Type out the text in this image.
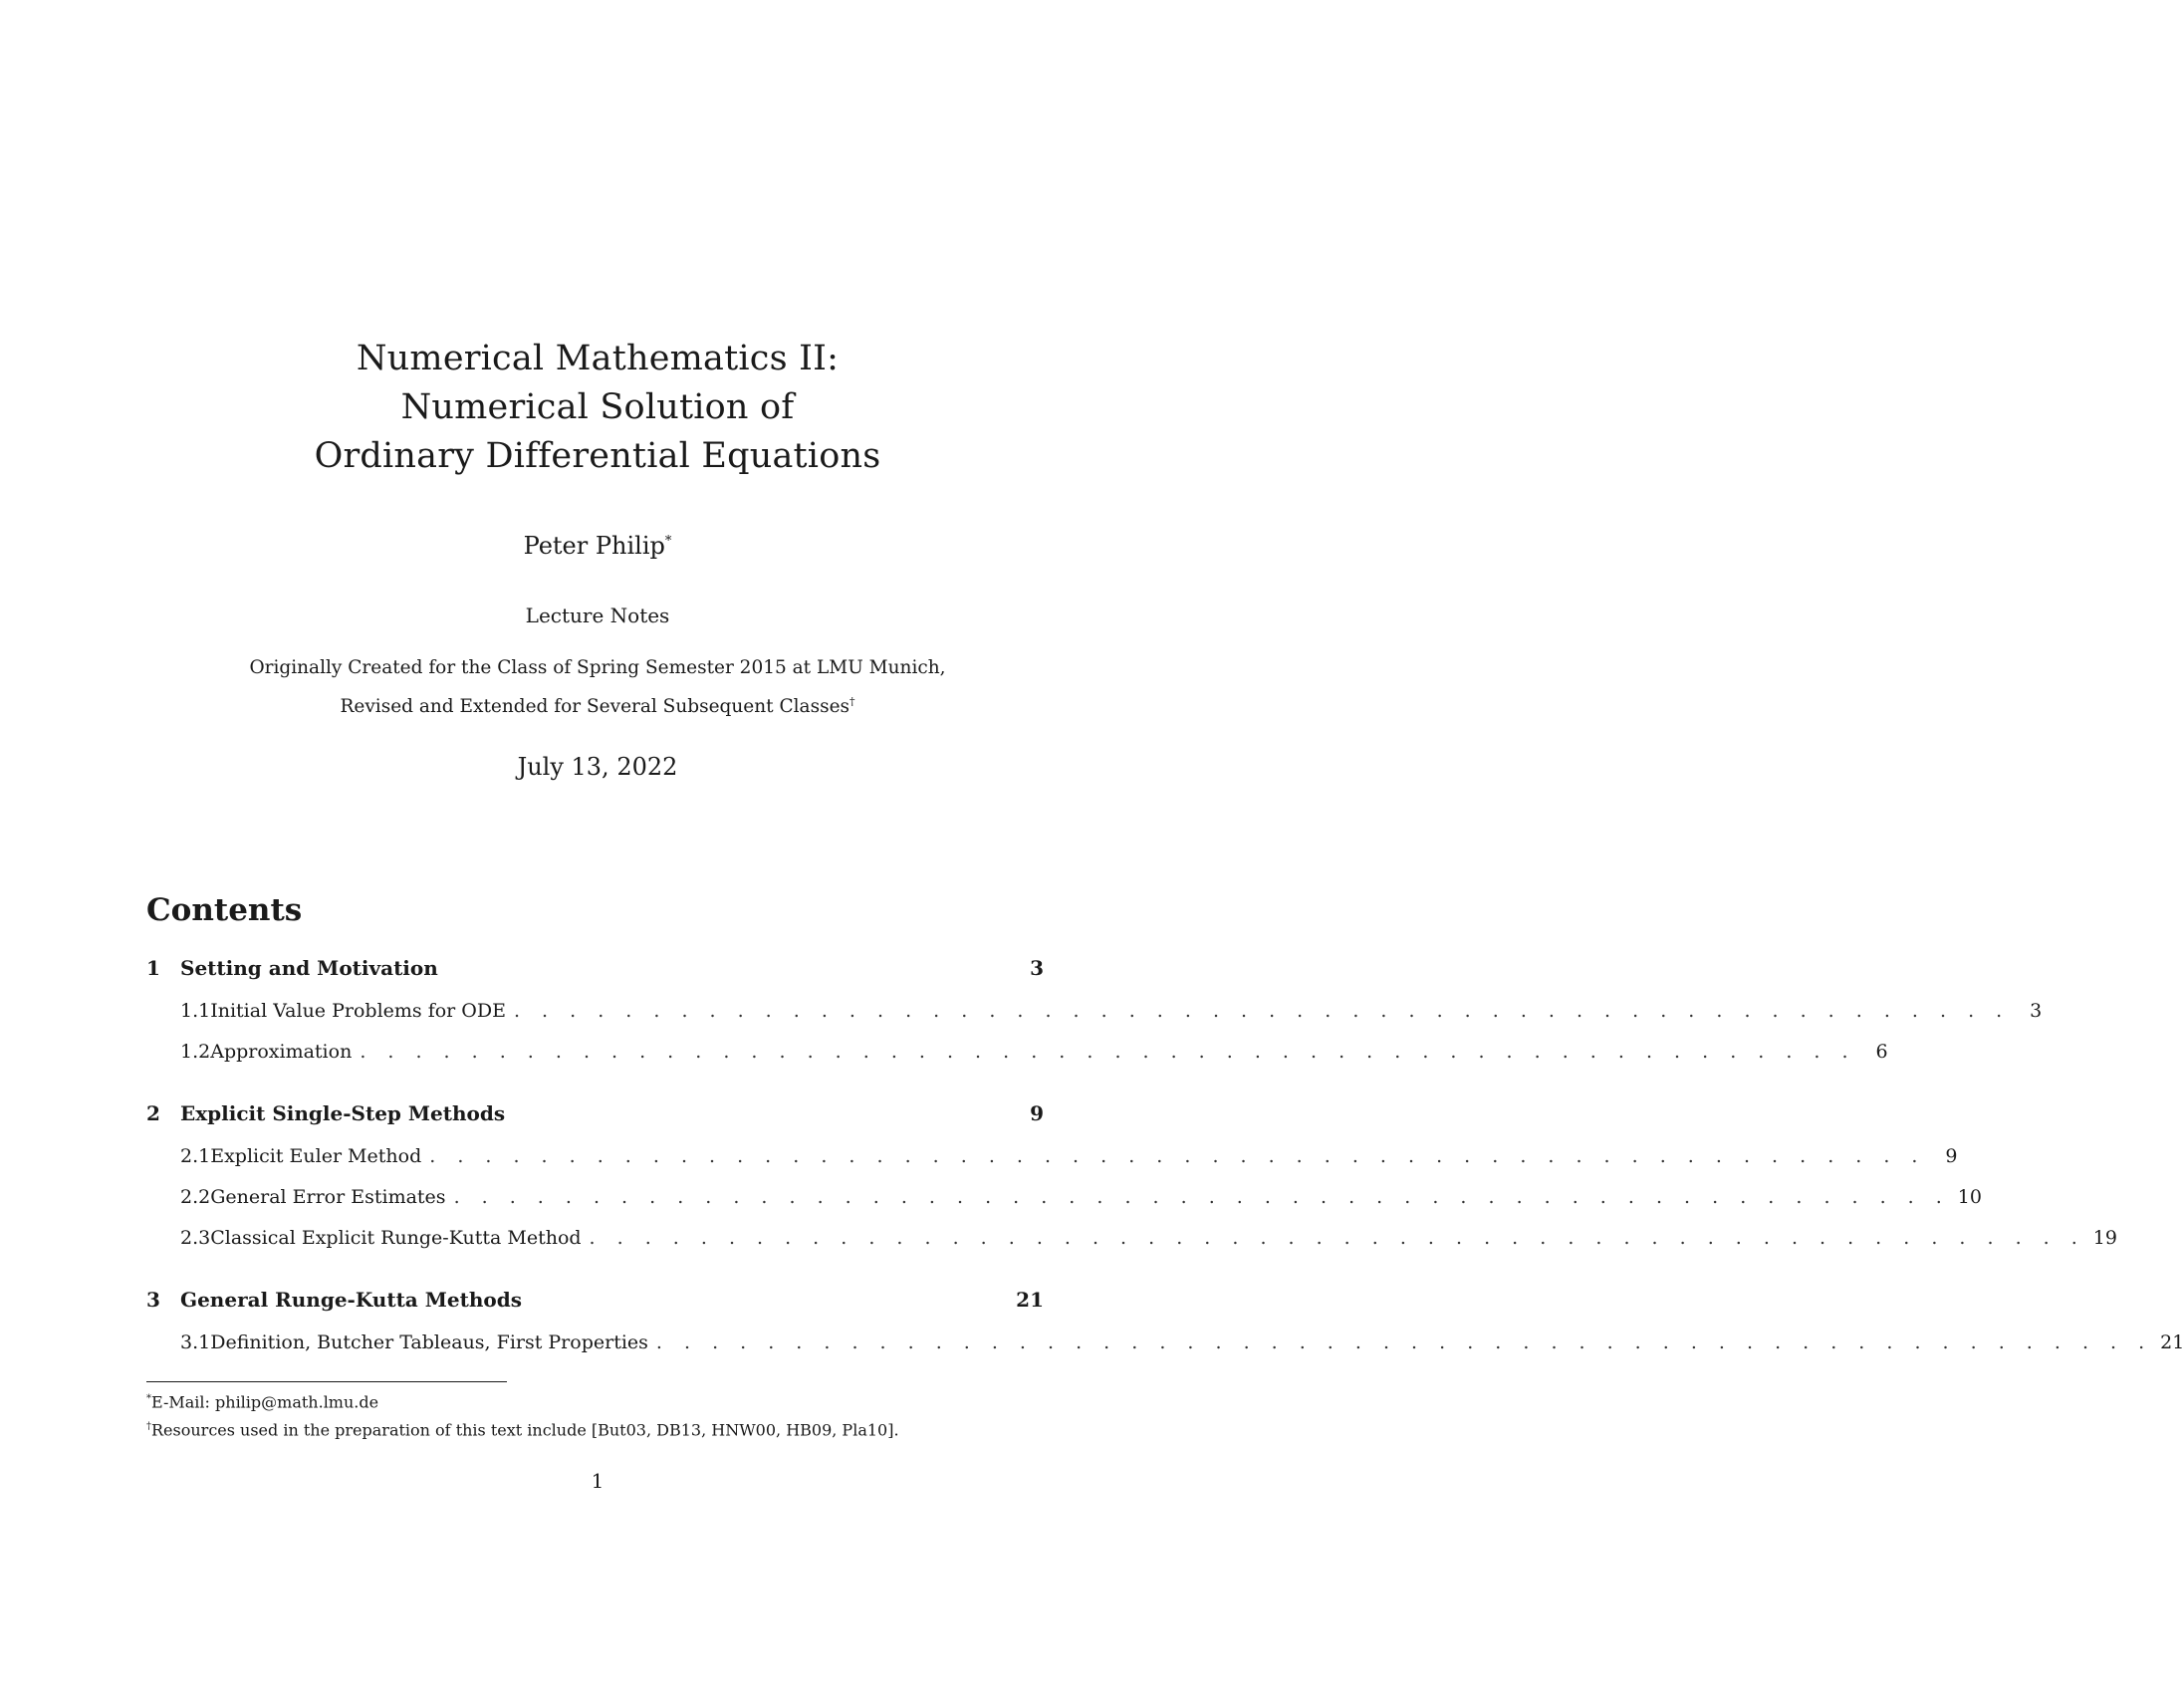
Numerical Mathematics II:
Numerical Solution of
Ordinary Differential Equations
Peter Philip*
Lecture Notes
Originally Created for the Class of Spring Semester 2015 at LMU Munich,
Revised and Extended for Several Subsequent Classes†
July 13, 2022
Contents
1	Setting and Motivation	3
1.1 Initial Value Problems for ODE . . . . . . . . . . . . . . . . . . . . . . . . . . . . . . . . . . . . . . . . . . . . . . . . . . . . . .	3
1.2 Approximation . . . . . . . . . . . . . . . . . . . . . . . . . . . . . . . . . . . . . . . . . . . . . . . . . . . . . .	6
2	Explicit Single-Step Methods	9
2.1 Explicit Euler Method . . . . . . . . . . . . . . . . . . . . . . . . . . . . . . . . . . . . . . . . . . . . . . . . . . . . . .	9
2.2 General Error Estimates . . . . . . . . . . . . . . . . . . . . . . . . . . . . . . . . . . . . . . . . . . . . . . . . . . . . . . 10
2.3 Classical Explicit Runge-Kutta Method . . . . . . . . . . . . . . . . . . . . . . . . . . . . . . . . . . . . . . . . . . . . . . . . . . . . . . 19
3	General Runge-Kutta Methods	21
3.1 Definition, Butcher Tableaus, First Properties . . . . . . . . . . . . . . . . . . . . . . . . . . . . . . . . . . . . . . . . . . . . . . . . . . . . . . 21
*E-Mail: philip@math.lmu.de
†Resources used in the preparation of this text include [But03, DB13, HNW00, HB09, Pla10].
1
